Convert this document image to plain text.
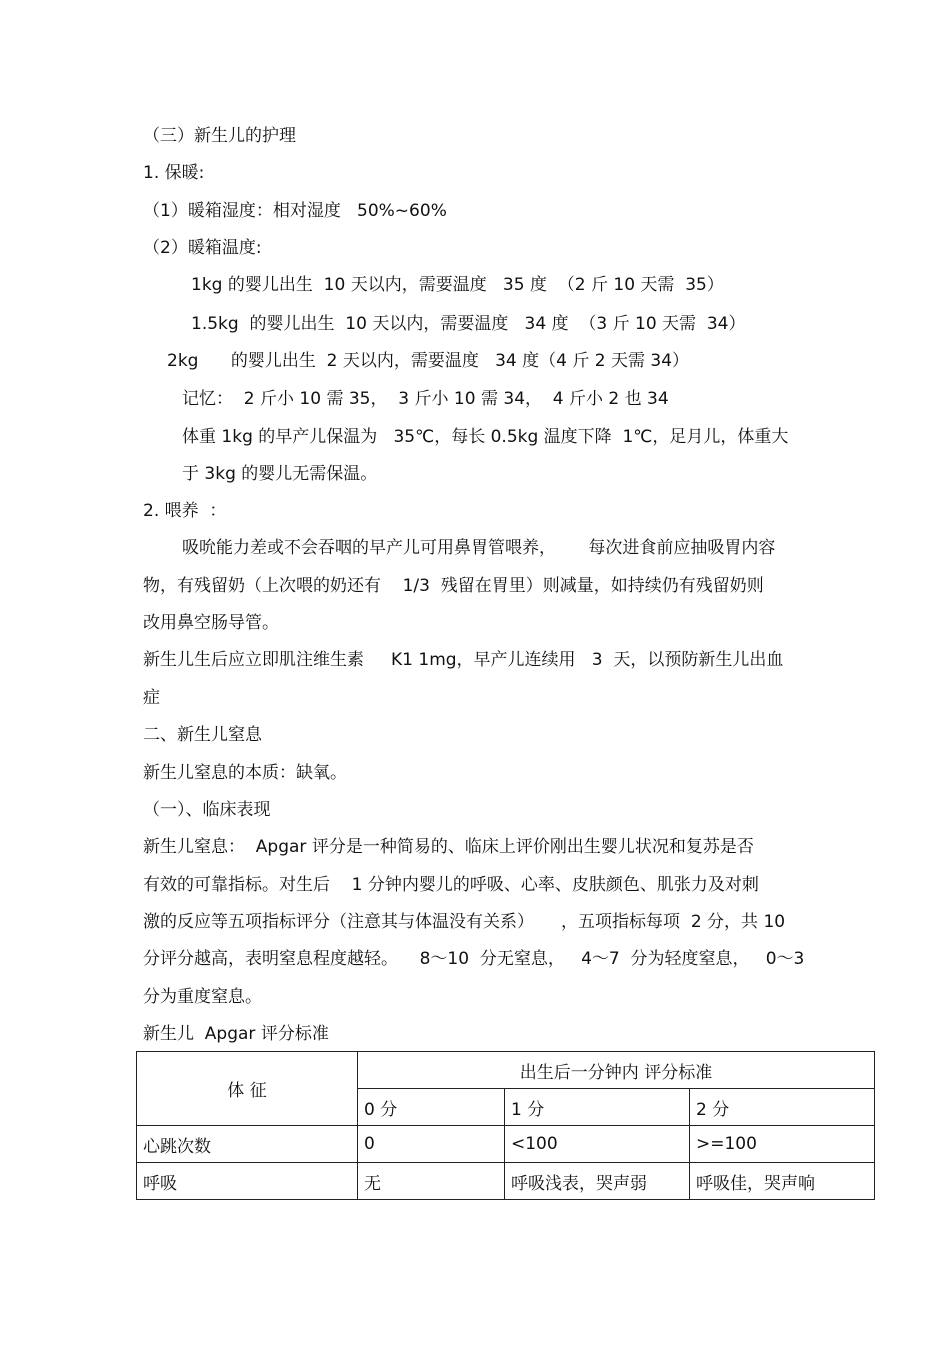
（三）新生儿的护理
1. 保暖:
（1）暖箱湿度：相对湿度   50%~60%
（2）暖箱温度:
1kg 的婴儿出生  10 天以内，需要温度   35 度  （2 斤 10 天需  35）
1.5kg  的婴儿出生  10 天以内，需要温度   34 度  （3 斤 10 天需  34）
2kg      的婴儿出生  2 天以内，需要温度   34 度（4 斤 2 天需 34）
记忆：  2 斤小 10 需 35，  3 斤小 10 需 34，  4 斤小 2 也 34
体重 1kg 的早产儿保温为   35℃，每长 0.5kg 温度下降  1℃，足月儿，体重大
于 3kg 的婴儿无需保温。
2. 喂养  ：
吸吮能力差或不会吞咽的早产儿可用鼻胃管喂养，      每次进食前应抽吸胃内容
物，有残留奶（上次喂的奶还有    1/3  残留在胃里）则减量，如持续仍有残留奶则
改用鼻空肠导管。
新生儿生后应立即肌注维生素     K1 1mg，早产儿连续用   3  天，以预防新生儿出血
症
二、新生儿窒息
新生儿窒息的本质：缺氧。
（一）、临床表现
新生儿窒息：  Apgar 评分是一种简易的、临床上评价刚出生婴儿状况和复苏是否
有效的可靠指标。对生后    1 分钟内婴儿的呼吸、心率、皮肤颜色、肌张力及对刺
激的反应等五项指标评分（注意其与体温没有关系）     ，五项指标每项  2 分，共 10
分评分越高，表明窒息程度越轻。    8～10  分无窒息，   4～7  分为轻度窒息，   0～3
分为重度窒息。
新生儿  Apgar 评分标准
体 征	出生后一分钟内 评分标准		
	0 分	1 分	2 分
心跳次数	0	<100	>=100
呼吸	无	呼吸浅表，哭声弱	呼吸佳，哭声响
